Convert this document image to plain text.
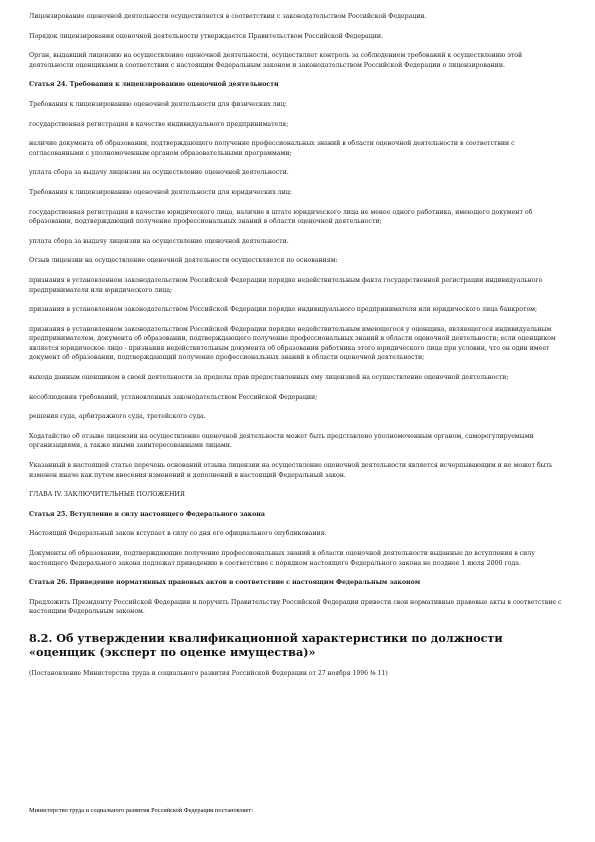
Лицензирование оценочной деятельности осуществляется в соответствии с законодательством Российской Федерации.

Порядок лицензирования оценочной деятельности утверждается Правительством Российской Федерации.

Орган, выдавший лицензию на осуществление оценочной деятельности, осуществляет контроль за соблюдением требований к осуществлению этой деятельности оценщиками в соответствии с настоящим Федеральным законом и законодательством Российской Федерации о лицензировании.

Статья 24. Требования к лицензированию оценочной деятельности

Требования к лицензированию оценочной деятельности для физических лиц:

государственная регистрация в качестве индивидуального предпринимателя;

наличие документа об образовании, подтверждающего получение профессиональных знаний в области оценочной деятельности в соответствии с согласованными с уполномоченным органом образовательными программами;

уплата сбора за выдачу лицензии на осуществление оценочной деятельности.

Требования к лицензированию оценочной деятельности для юридических лиц:

государственная регистрация в качестве юридического лица, наличие в штате юридического лица не менее одного работника, имеющего документ об образовании, подтверждающий получение профессиональных знаний в области оценочной деятельности;

уплата сбора за выдачу лицензии на осуществление оценочной деятельности.

Отзыв лицензии на осуществление оценочной деятельности осуществляется по основаниям:

признания в установленном законодательством Российской Федерации порядке недействительным факта государственной регистрации индивидуального предпринимателя или юридического лица;

признания в установленном законодательством Российской Федерации порядке индивидуального предпринимателя или юридического лица банкротом;

признания в установленном законодательством Российской Федерации порядке недействительным имеющегося у оценщика, являющегося индивидуальным предпринимателем, документа об образовании, подтверждающего получение профессиональных знаний в области оценочной деятельности; если оценщиком является юридическое лицо - признания недействительным документа об образовании работника этого юридического лица при условии, что он один имеет документ об образовании, подтверждающий получение профессиональных знаний в области оценочной деятельности;

выхода данным оценщиком в своей деятельности за пределы прав предоставленных ему лицензией на осуществление оценочной деятельности;

несоблюдения требований, установленных законодательством Российской Федерации;

решения суда, арбитражного суда, третейского суда.

Ходатайство об отзыве лицензии на осуществление оценочной деятельности может быть представлено уполномоченным органом, саморегулируемыми организациями, а также иными заинтересованными лицами.

Указанный в настоящей статье перечень оснований отзыва лицензии на осуществление оценочной деятельности является исчерпывающим и не может быть изменен иначе как путем внесения изменений и дополнений в настоящий Федеральный закон.

ГЛАВА IV. ЗАКЛЮЧИТЕЛЬНЫЕ ПОЛОЖЕНИЯ

Статья 25. Вступление в силу настоящего Федерального закона

Настоящий Федеральный закон вступает в силу со дня его официального опубликования.

Документы об образовании, подтверждающие получение профессиональных знаний в области оценочной деятельности выданные до вступления в силу настоящего Федерального закона подлежат приведению в соответствие с порядком настоящего Федерального закона не позднее 1 июля 2000 года.

Статья 26. Приведение нормативных правовых актов в соответствие с настоящим Федеральным законом

Предложить Президенту Российской Федерации и поручить Правительству Российской Федерации привести свои нормативные правовые акты в соответствие с настоящим Федеральным законом.

8.2. Об утверждении квалификационной характеристики по должности «оценщик (эксперт по оценке имущества)»

(Постановление Министерства труда и социального развития Российской Федерации от 27 ноября 1996 № 11)

Министерство труда и социального развития Российской Федерации постановляет:
